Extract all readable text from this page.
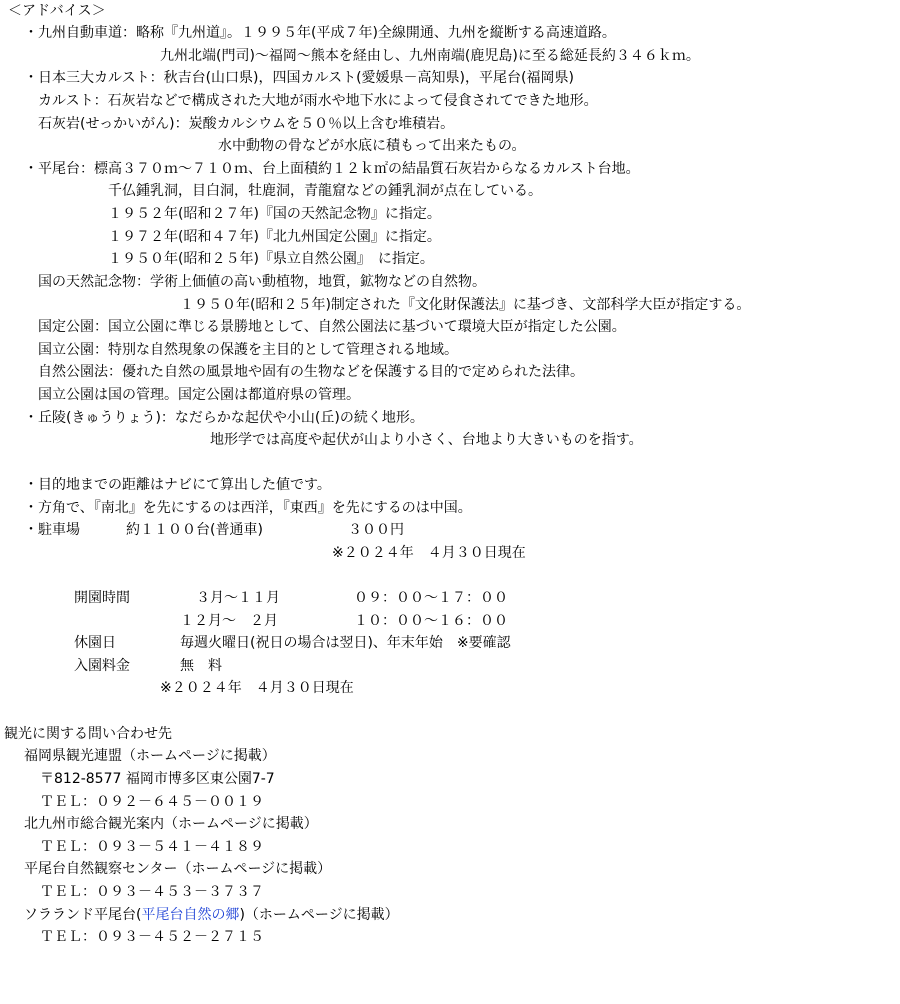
＜アドバイス＞
・九州自動車道：略称『九州道』。１９９５年(平成７年)全線開通、九州を縦断する高速道路。
九州北端(門司)～福岡～熊本を経由し、九州南端(鹿児島)に至る総延長約３４６ｋｍ。
・日本三大カルスト：秋吉台(山口県)，四国カルスト(愛媛県－高知県)，平尾台(福岡県)
カルスト：石灰岩などで構成された大地が雨水や地下水によって侵食されてできた地形。
石灰岩(せっかいがん)：炭酸カルシウムを５０％以上含む堆積岩。
水中動物の骨などが水底に積もって出来たもの。
・平尾台：標高３７０ｍ～７１０ｍ、台上面積約１２ｋ㎡の結晶質石灰岩からなるカルスト台地。
千仏鍾乳洞，目白洞，牡鹿洞，青龍窟などの鍾乳洞が点在している。
１９５２年(昭和２７年)『国の天然記念物』に指定。
１９７２年(昭和４７年)『北九州国定公園』に指定。
１９５０年(昭和２５年)『県立自然公園』　に指定。
国の天然記念物：学術上価値の高い動植物，地質，鉱物などの自然物。
１９５０年(昭和２５年)制定された『文化財保護法』に基づき、文部科学大臣が指定する。
国定公園：国立公園に準じる景勝地として、自然公園法に基づいて環境大臣が指定した公園。
国立公園：特別な自然現象の保護を主目的として管理される地域。
自然公園法：優れた自然の風景地や固有の生物などを保護する目的で定められた法律。
国立公園は国の管理。国定公園は都道府県の管理。
・丘陵(きゅうりょう)：なだらかな起伏や小山(丘)の続く地形。
地形学では高度や起伏が山より小さく、台地より大きいものを指す。
・目的地までの距離はナビにて算出した値です。
・方角で、『南北』を先にするのは西洋，『東西』を先にするのは中国。
・駐車場	約１１００台(普通車)	３００円
※２０２４年　４月３０日現在
開園時間	３月～１１月	０９：００～１７：００
１２月～　２月	１０：００～１６：００
休園日	毎週火曜日(祝日の場合は翌日)、年末年始　※要確認
入園料金	無　料
※２０２４年　４月３０日現在
観光に関する問い合わせ先
福岡県観光連盟（ホームページに掲載）
〒812-8577 福岡市博多区東公園7-7
ＴＥＬ：０９２－６４５－００１９
北九州市総合観光案内（ホームページに掲載）
ＴＥＬ：０９３－５４１－４１８９
平尾台自然観察センター（ホームページに掲載）
ＴＥＬ：０９３－４５３－３７３７
ソラランド平尾台(平尾台自然の郷)（ホームページに掲載）
ＴＥＬ：０９３－４５２－２７１５
